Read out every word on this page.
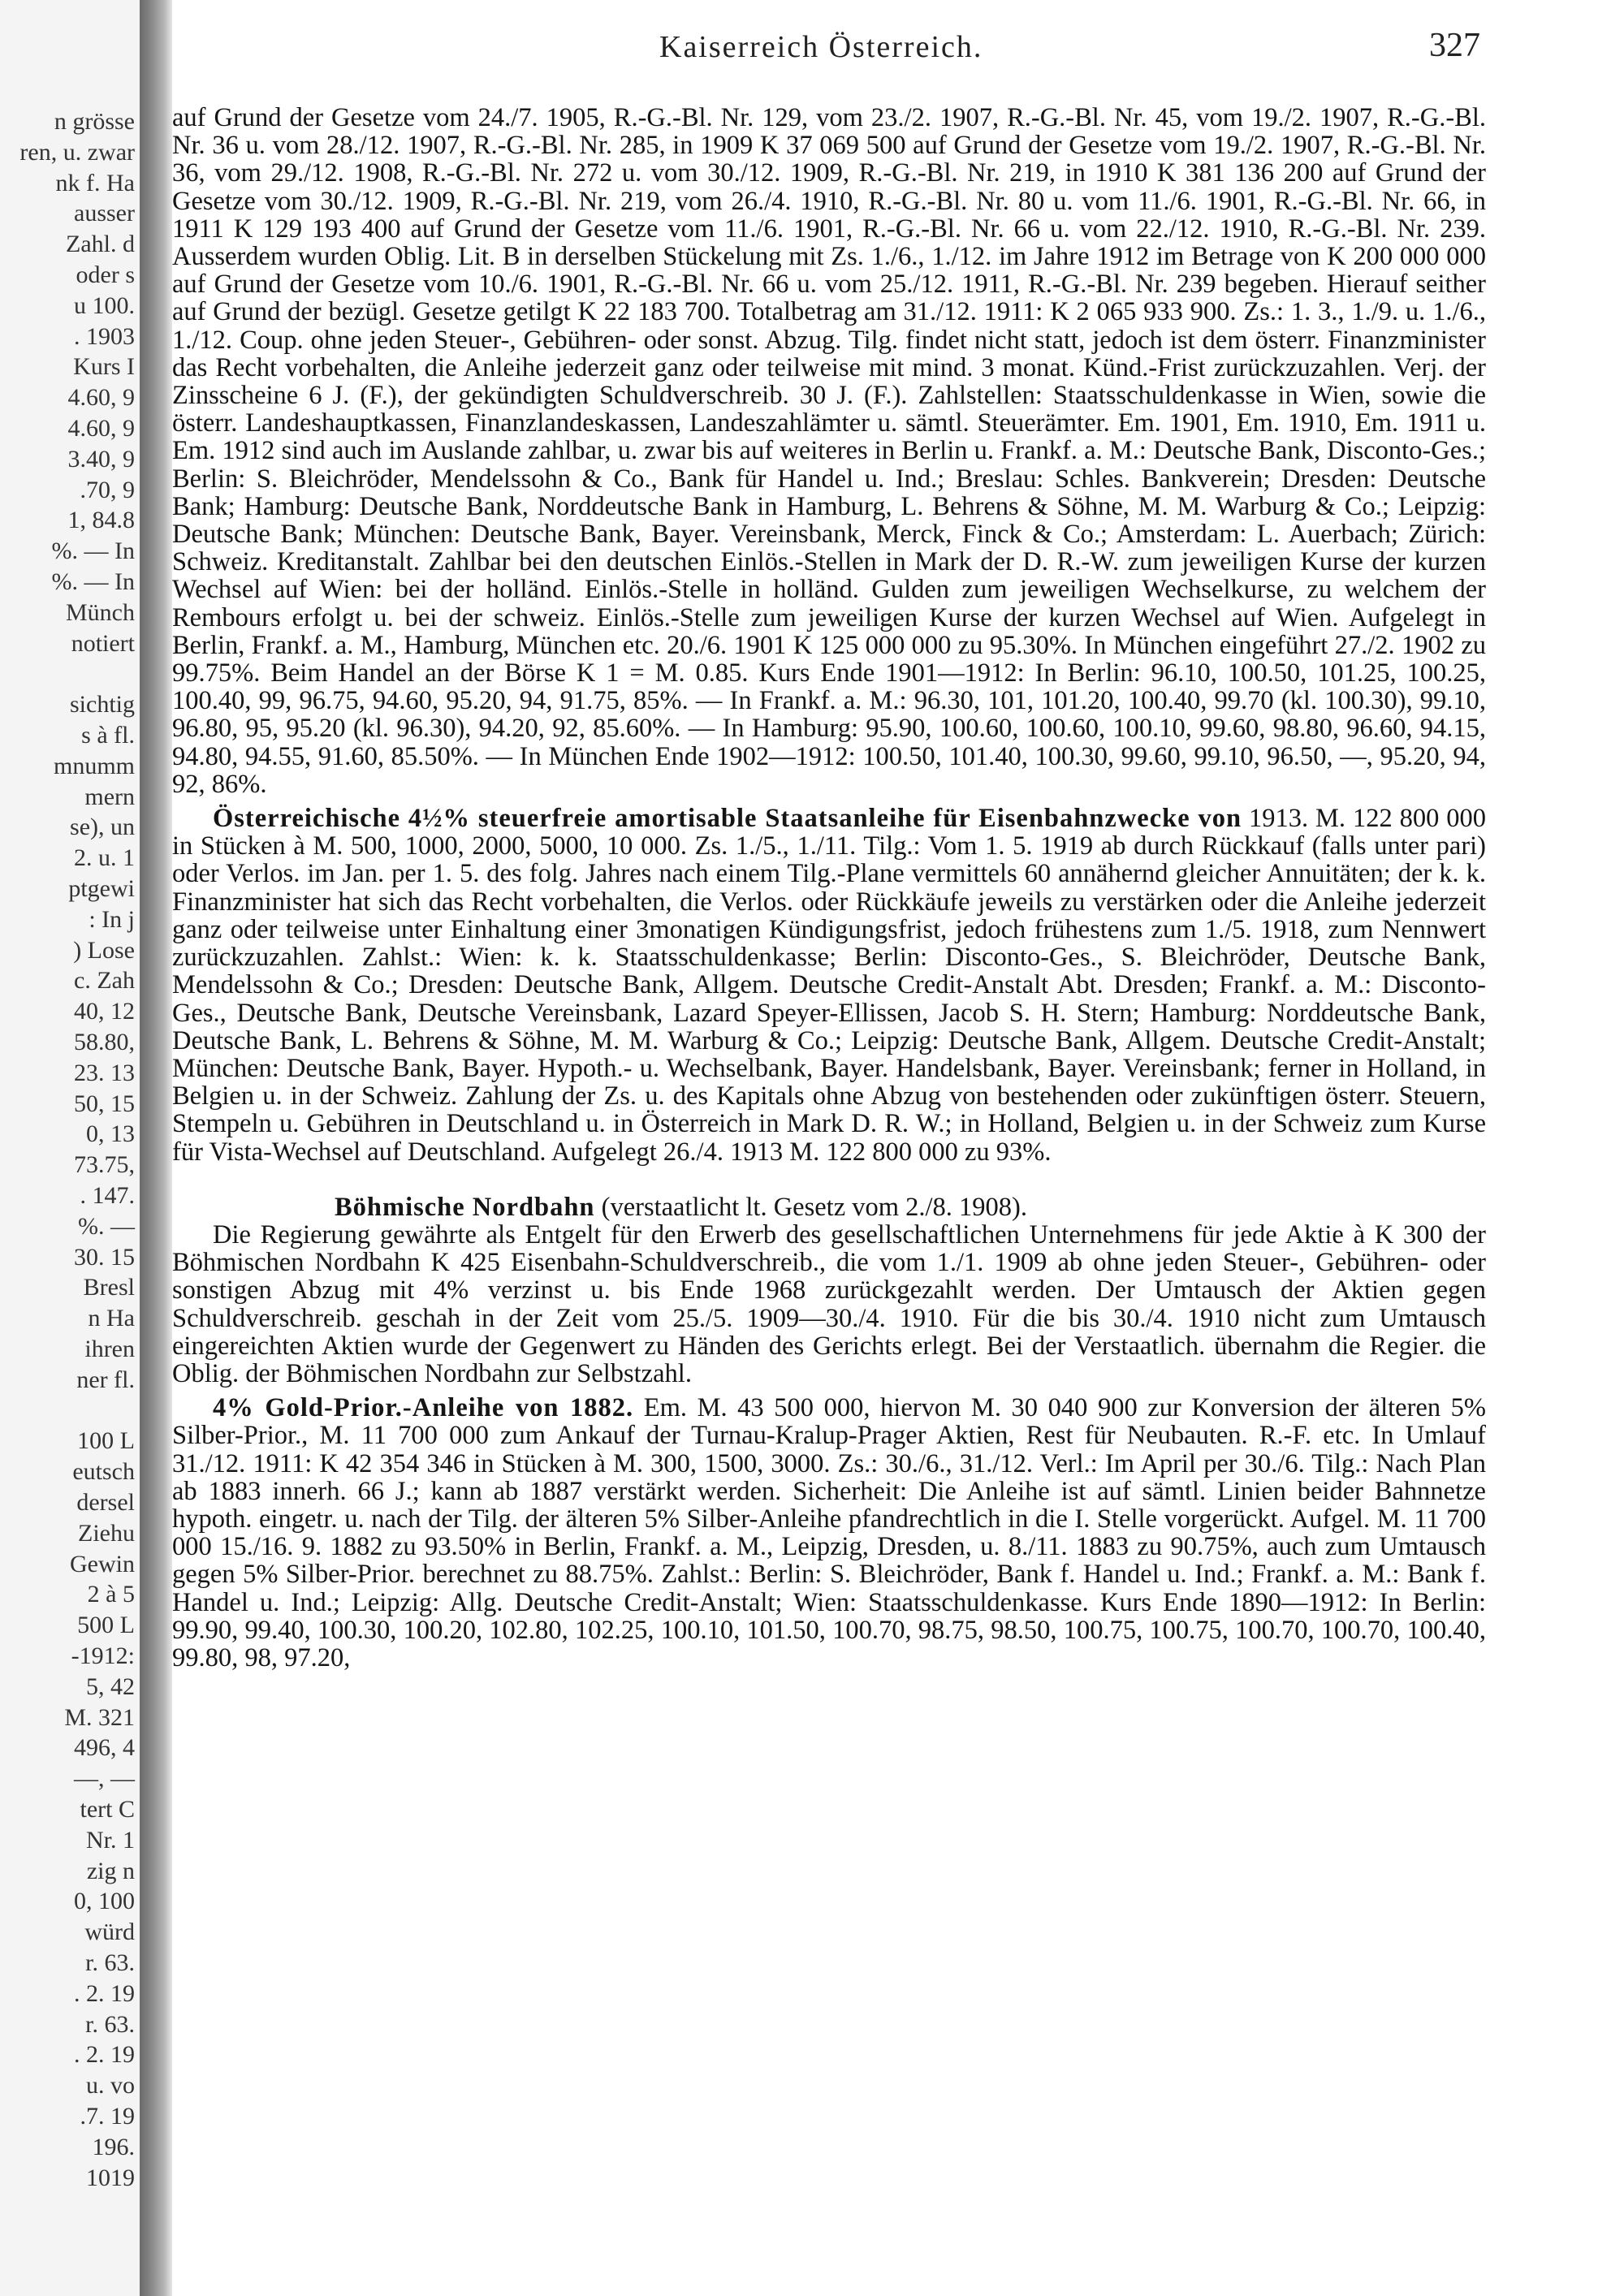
n grösse
ren, u. zwar
nk f. Ha
ausser
Zahl. d
oder s
u 100.
. 1903
Kurs I
4.60, 9
4.60, 9
3.40, 9
.70, 9
1, 84.8
%. — In
%. — In
Münch
notiert
sichtig
s à fl.
mnumm
mern
se), un
2. u. 1
ptgewi
: In j
) Lose
c. Zah
40, 12
58.80,
23. 13
50, 15
0, 13
73.75,
. 147.
%. —
30. 15
Bresl
n Ha
ihren
ner fl.
100 L
eutsch
dersel
Ziehu
Gewin
2 à 5
500 L
-1912:
5, 42
M. 321
496, 4
—, —
tert C
Nr. 1
zig n
0, 100
würd
r. 63.
. 2. 19
r. 63.
. 2. 19
u. vo
.7. 19
196.
1019
Kaiserreich Österreich.	327

auf Grund der Gesetze vom 24./7. 1905, R.-G.-Bl. Nr. 129, vom 23./2. 1907, R.-G.-Bl. Nr. 45, vom 19./2. 1907, R.-G.-Bl. Nr. 36 u. vom 28./12. 1907, R.-G.-Bl. Nr. 285, in 1909 K 37 069 500 auf Grund der Gesetze vom 19./2. 1907, R.-G.-Bl. Nr. 36, vom 29./12. 1908, R.-G.-Bl. Nr. 272 u. vom 30./12. 1909, R.-G.-Bl. Nr. 219, in 1910 K 381 136 200 auf Grund der Gesetze vom 30./12. 1909, R.-G.-Bl. Nr. 219, vom 26./4. 1910, R.-G.-Bl. Nr. 80 u. vom 11./6. 1901, R.-G.-Bl. Nr. 66, in 1911 K 129 193 400 auf Grund der Gesetze vom 11./6. 1901, R.-G.-Bl. Nr. 66 u. vom 22./12. 1910, R.-G.-Bl. Nr. 239. Ausserdem wurden Oblig. Lit. B in derselben Stückelung mit Zs. 1./6., 1./12. im Jahre 1912 im Betrage von K 200 000 000 auf Grund der Gesetze vom 10./6. 1901, R.-G.-Bl. Nr. 66 u. vom 25./12. 1911, R.-G.-Bl. Nr. 239 begeben. Hierauf seither auf Grund der bezügl. Gesetze getilgt K 22 183 700. Totalbetrag am 31./12. 1911: K 2 065 933 900. Zs.: 1. 3., 1./9. u. 1./6., 1./12. Coup. ohne jeden Steuer-, Gebühren- oder sonst. Abzug. Tilg. findet nicht statt, jedoch ist dem österr. Finanzminister das Recht vorbehalten, die Anleihe jederzeit ganz oder teilweise mit mind. 3 monat. Künd.-Frist zurückzuzahlen. Verj. der Zinsscheine 6 J. (F.), der gekündigten Schuldverschreib. 30 J. (F.). Zahlstellen: Staatsschuldenkasse in Wien, sowie die österr. Landeshauptkassen, Finanzlandeskassen, Landeszahlämter u. sämtl. Steuerämter. Em. 1901, Em. 1910, Em. 1911 u. Em. 1912 sind auch im Auslande zahlbar, u. zwar bis auf weiteres in Berlin u. Frankf. a. M.: Deutsche Bank, Disconto-Ges.; Berlin: S. Bleichröder, Mendelssohn & Co., Bank für Handel u. Ind.; Breslau: Schles. Bankverein; Dresden: Deutsche Bank; Hamburg: Deutsche Bank, Norddeutsche Bank in Hamburg, L. Behrens & Söhne, M. M. Warburg & Co.; Leipzig: Deutsche Bank; München: Deutsche Bank, Bayer. Vereinsbank, Merck, Finck & Co.; Amsterdam: L. Auerbach; Zürich: Schweiz. Kreditanstalt. Zahlbar bei den deutschen Einlös.-Stellen in Mark der D. R.-W. zum jeweiligen Kurse der kurzen Wechsel auf Wien: bei der holländ. Einlös.-Stelle in holländ. Gulden zum jeweiligen Wechselkurse, zu welchem der Rembours erfolgt u. bei der schweiz. Einlös.-Stelle zum jeweiligen Kurse der kurzen Wechsel auf Wien. Aufgelegt in Berlin, Frankf. a. M., Hamburg, München etc. 20./6. 1901 K 125 000 000 zu 95.30%. In München eingeführt 27./2. 1902 zu 99.75%. Beim Handel an der Börse K 1 = M. 0.85. Kurs Ende 1901—1912: In Berlin: 96.10, 100.50, 101.25, 100.25, 100.40, 99, 96.75, 94.60, 95.20, 94, 91.75, 85%. — In Frankf. a. M.: 96.30, 101, 101.20, 100.40, 99.70 (kl. 100.30), 99.10, 96.80, 95, 95.20 (kl. 96.30), 94.20, 92, 85.60%. — In Hamburg: 95.90, 100.60, 100.60, 100.10, 99.60, 98.80, 96.60, 94.15, 94.80, 94.55, 91.60, 85.50%. — In München Ende 1902—1912: 100.50, 101.40, 100.30, 99.60, 99.10, 96.50, —, 95.20, 94, 92, 86%.

Österreichische 4½% steuerfreie amortisable Staatsanleihe für Eisenbahnzwecke von 1913. M. 122 800 000 in Stücken à M. 500, 1000, 2000, 5000, 10 000. Zs. 1./5., 1./11. Tilg.: Vom 1. 5. 1919 ab durch Rückkauf (falls unter pari) oder Verlos. im Jan. per 1. 5. des folg. Jahres nach einem Tilg.-Plane vermittels 60 annähernd gleicher Annuitäten; der k. k. Finanzminister hat sich das Recht vorbehalten, die Verlos. oder Rückkäufe jeweils zu verstärken oder die Anleihe jederzeit ganz oder teilweise unter Einhaltung einer 3monatigen Kündigungsfrist, jedoch frühestens zum 1./5. 1918, zum Nennwert zurückzuzahlen. Zahlst.: Wien: k. k. Staatsschuldenkasse; Berlin: Disconto-Ges., S. Bleichröder, Deutsche Bank, Mendelssohn & Co.; Dresden: Deutsche Bank, Allgem. Deutsche Credit-Anstalt Abt. Dresden; Frankf. a. M.: Disconto-Ges., Deutsche Bank, Deutsche Vereinsbank, Lazard Speyer-Ellissen, Jacob S. H. Stern; Hamburg: Norddeutsche Bank, Deutsche Bank, L. Behrens & Söhne, M. M. Warburg & Co.; Leipzig: Deutsche Bank, Allgem. Deutsche Credit-Anstalt; München: Deutsche Bank, Bayer. Hypoth.- u. Wechselbank, Bayer. Handelsbank, Bayer. Vereinsbank; ferner in Holland, in Belgien u. in der Schweiz. Zahlung der Zs. u. des Kapitals ohne Abzug von bestehenden oder zukünftigen österr. Steuern, Stempeln u. Gebühren in Deutschland u. in Österreich in Mark D. R. W.; in Holland, Belgien u. in der Schweiz zum Kurse für Vista-Wechsel auf Deutschland. Aufgelegt 26./4. 1913 M. 122 800 000 zu 93%.

Böhmische Nordbahn (verstaatlicht lt. Gesetz vom 2./8. 1908).

Die Regierung gewährte als Entgelt für den Erwerb des gesellschaftlichen Unternehmens für jede Aktie à K 300 der Böhmischen Nordbahn K 425 Eisenbahn-Schuldverschreib., die vom 1./1. 1909 ab ohne jeden Steuer-, Gebühren- oder sonstigen Abzug mit 4% verzinst u. bis Ende 1968 zurückgezahlt werden. Der Umtausch der Aktien gegen Schuldverschreib. geschah in der Zeit vom 25./5. 1909—30./4. 1910. Für die bis 30./4. 1910 nicht zum Umtausch eingereichten Aktien wurde der Gegenwert zu Händen des Gerichts erlegt. Bei der Verstaatlich. übernahm die Regier. die Oblig. der Böhmischen Nordbahn zur Selbstzahl.

4% Gold-Prior.-Anleihe von 1882. Em. M. 43 500 000, hiervon M. 30 040 900 zur Konversion der älteren 5% Silber-Prior., M. 11 700 000 zum Ankauf der Turnau-Kralup-Prager Aktien, Rest für Neubauten. R.-F. etc. In Umlauf 31./12. 1911: K 42 354 346 in Stücken à M. 300, 1500, 3000. Zs.: 30./6., 31./12. Verl.: Im April per 30./6. Tilg.: Nach Plan ab 1883 innerh. 66 J.; kann ab 1887 verstärkt werden. Sicherheit: Die Anleihe ist auf sämtl. Linien beider Bahnnetze hypoth. eingetr. u. nach der Tilg. der älteren 5% Silber-Anleihe pfandrechtlich in die I. Stelle vorgerückt. Aufgel. M. 11 700 000 15./16. 9. 1882 zu 93.50% in Berlin, Frankf. a. M., Leipzig, Dresden, u. 8./11. 1883 zu 90.75%, auch zum Umtausch gegen 5% Silber-Prior. berechnet zu 88.75%. Zahlst.: Berlin: S. Bleichröder, Bank f. Handel u. Ind.; Frankf. a. M.: Bank f. Handel u. Ind.; Leipzig: Allg. Deutsche Credit-Anstalt; Wien: Staatsschuldenkasse. Kurs Ende 1890—1912: In Berlin: 99.90, 99.40, 100.30, 100.20, 102.80, 102.25, 100.10, 101.50, 100.70, 98.75, 98.50, 100.75, 100.75, 100.70, 100.70, 100.40, 99.80, 98, 97.20,
